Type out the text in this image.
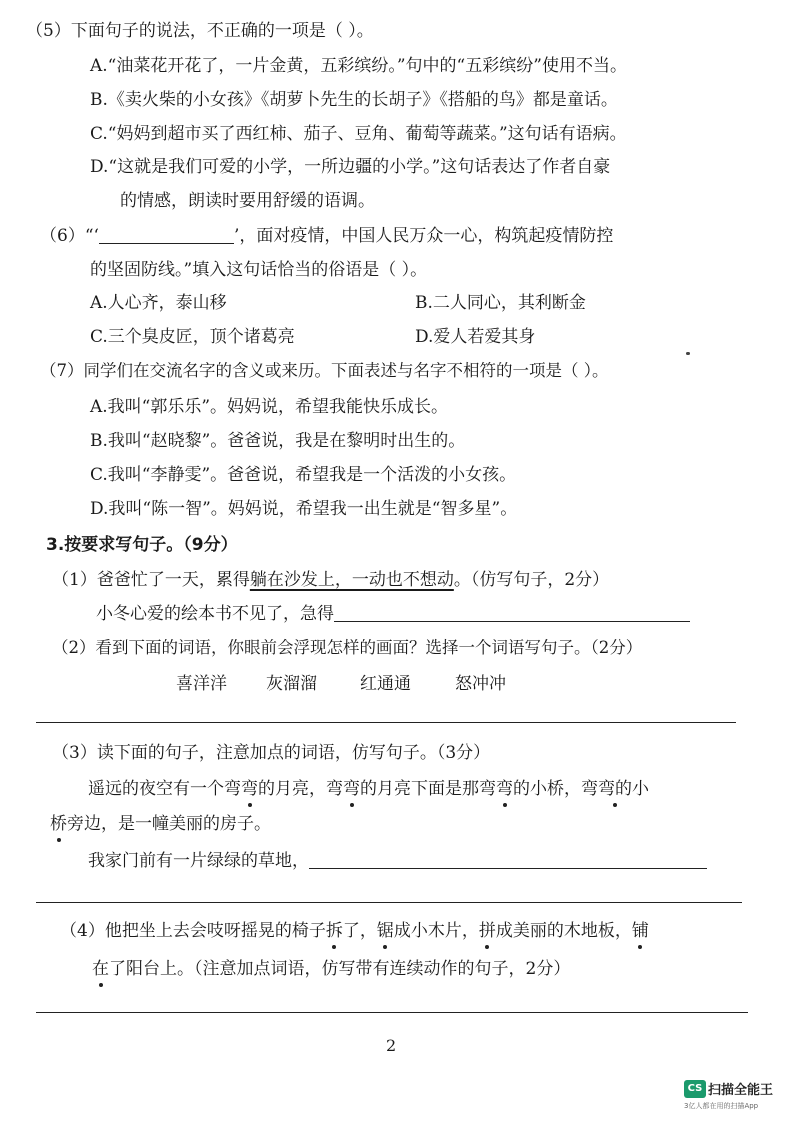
（5）下面句子的说法，不正确的一项是（ ）。
A.“油菜花开花了，一片金黄，五彩缤纷。”句中的“五彩缤纷”使用不当。
B.《卖火柴的小女孩》《胡萝卜先生的长胡子》《搭船的鸟》都是童话。
C.“妈妈到超市买了西红柿、茄子、豆角、葡萄等蔬菜。”这句话有语病。
D.“这就是我们可爱的小学，一所边疆的小学。”这句话表达了作者自豪
的情感，朗读时要用舒缓的语调。
（6）“‘	’，面对疫情，中国人民万众一心，构筑起疫情防控
的坚固防线。”填入这句话恰当的俗语是（ ）。
A.人心齐，泰山移	B.二人同心，其利断金
C.三个臭皮匠，顶个诸葛亮	D.爱人若爱其身
（7）同学们在交流名字的含义或来历。下面表述与名字不相符的一项是（ ）。
A.我叫“郭乐乐”。妈妈说，希望我能快乐成长。
B.我叫“赵晓黎”。爸爸说，我是在黎明时出生的。
C.我叫“李静雯”。爸爸说，希望我是一个活泼的小女孩。
D.我叫“陈一智”。妈妈说，希望我一出生就是“智多星”。
3.按要求写句子。（9分）
（1）爸爸忙了一天，累得躺在沙发上，一动也不想动。（仿写句子，2分）
小冬心爱的绘本书不见了，急得
（2）看到下面的词语，你眼前会浮现怎样的画面？选择一个词语写句子。（2分）
喜洋洋 灰溜溜	红通通	怒冲冲
（3）读下面的句子，注意加点的词语，仿写句子。（3分）
遥远的夜空有一个弯弯的月亮，弯弯的月亮下面是那弯弯的小桥，弯弯的小
桥旁边，是一幢美丽的房子。
我家门前有一片绿绿的草地，
（4）他把坐上去会吱呀摇晃的椅子拆了，锯成小木片，拼成美丽的木地板，铺
在了阳台上。（注意加点词语，仿写带有连续动作的句子，2分）
2
CS 扫描全能王
3亿人都在用的扫描App
